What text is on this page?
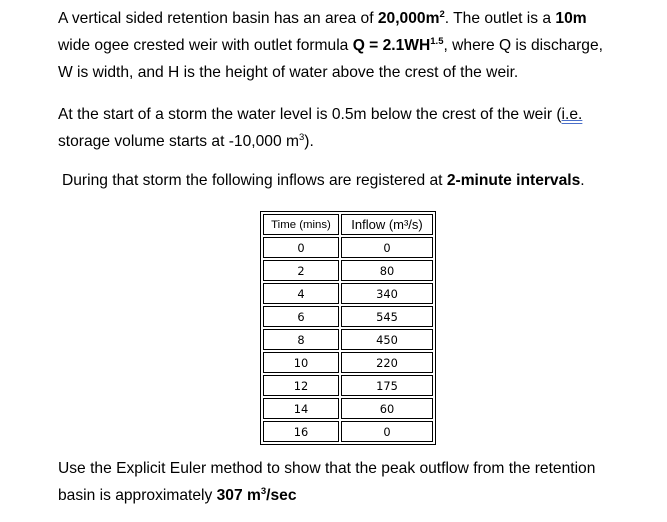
A vertical sided retention basin has an area of $20,000m^2$. The outlet is a 10m
wide ogee crested weir with outlet formula $Q = 2.1WH^{1.5}$, where Q is discharge,
W is width, and H is the height of water above the crest of the weir.
At the start of a storm the water level is 0.5m below the crest of the weir (i.e.
storage volume starts at -10,000 $m^3$).
During that storm the following inflows are registered at 2-minute intervals.
Time (mins)	Inflow (m³/s)
0	0
2	80
4	340
6	545
8	450
10	220
12	175
14	60
16	0
Use the Explicit Euler method to show that the peak outflow from the retention
basin is approximately 307 $m^3/\sec$
